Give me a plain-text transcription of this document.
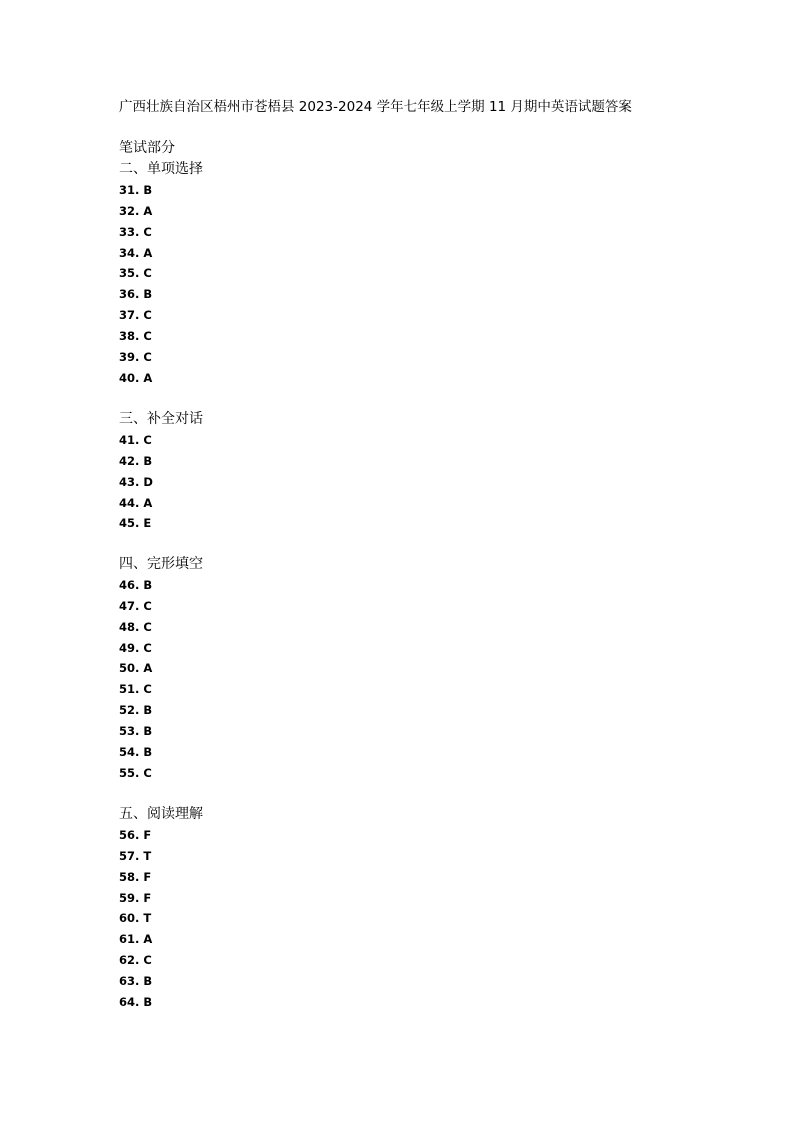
广西壮族自治区梧州市苍梧县 2023-2024 学年七年级上学期 11 月期中英语试题答案
笔试部分
二、单项选择
31. B
32. A
33. C
34. A
35. C
36. B
37. C
38. C
39. C
40. A
三、补全对话
41. C
42. B
43. D
44. A
45. E
四、完形填空
46. B
47. C
48. C
49. C
50. A
51. C
52. B
53. B
54. B
55. C
五、阅读理解
56. F
57. T
58. F
59. F
60. T
61. A
62. C
63. B
64. B
